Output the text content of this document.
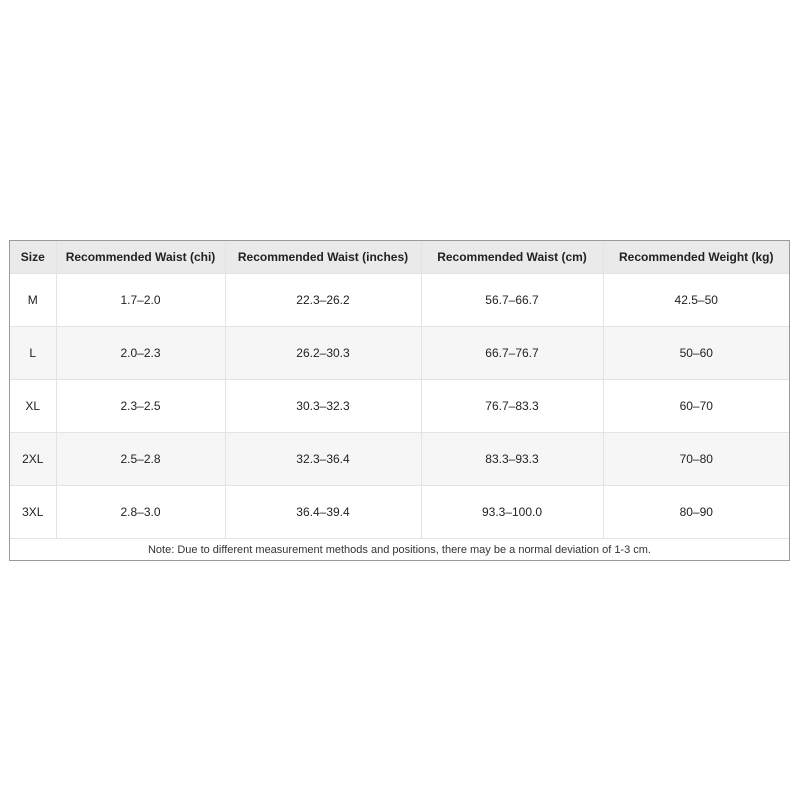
Size	Recommended Waist (chi)	Recommended Waist (inches)	Recommended Waist (cm)	Recommended Weight (kg)
M	1.7–2.0	22.3–26.2	56.7–66.7	42.5–50
L	2.0–2.3	26.2–30.3	66.7–76.7	50–60
XL	2.3–2.5	30.3–32.3	76.7–83.3	60–70
2XL	2.5–2.8	32.3–36.4	83.3–93.3	70–80
3XL	2.8–3.0	36.4–39.4	93.3–100.0	80–90
Note: Due to different measurement methods and positions, there may be a normal deviation of 1-3 cm.
